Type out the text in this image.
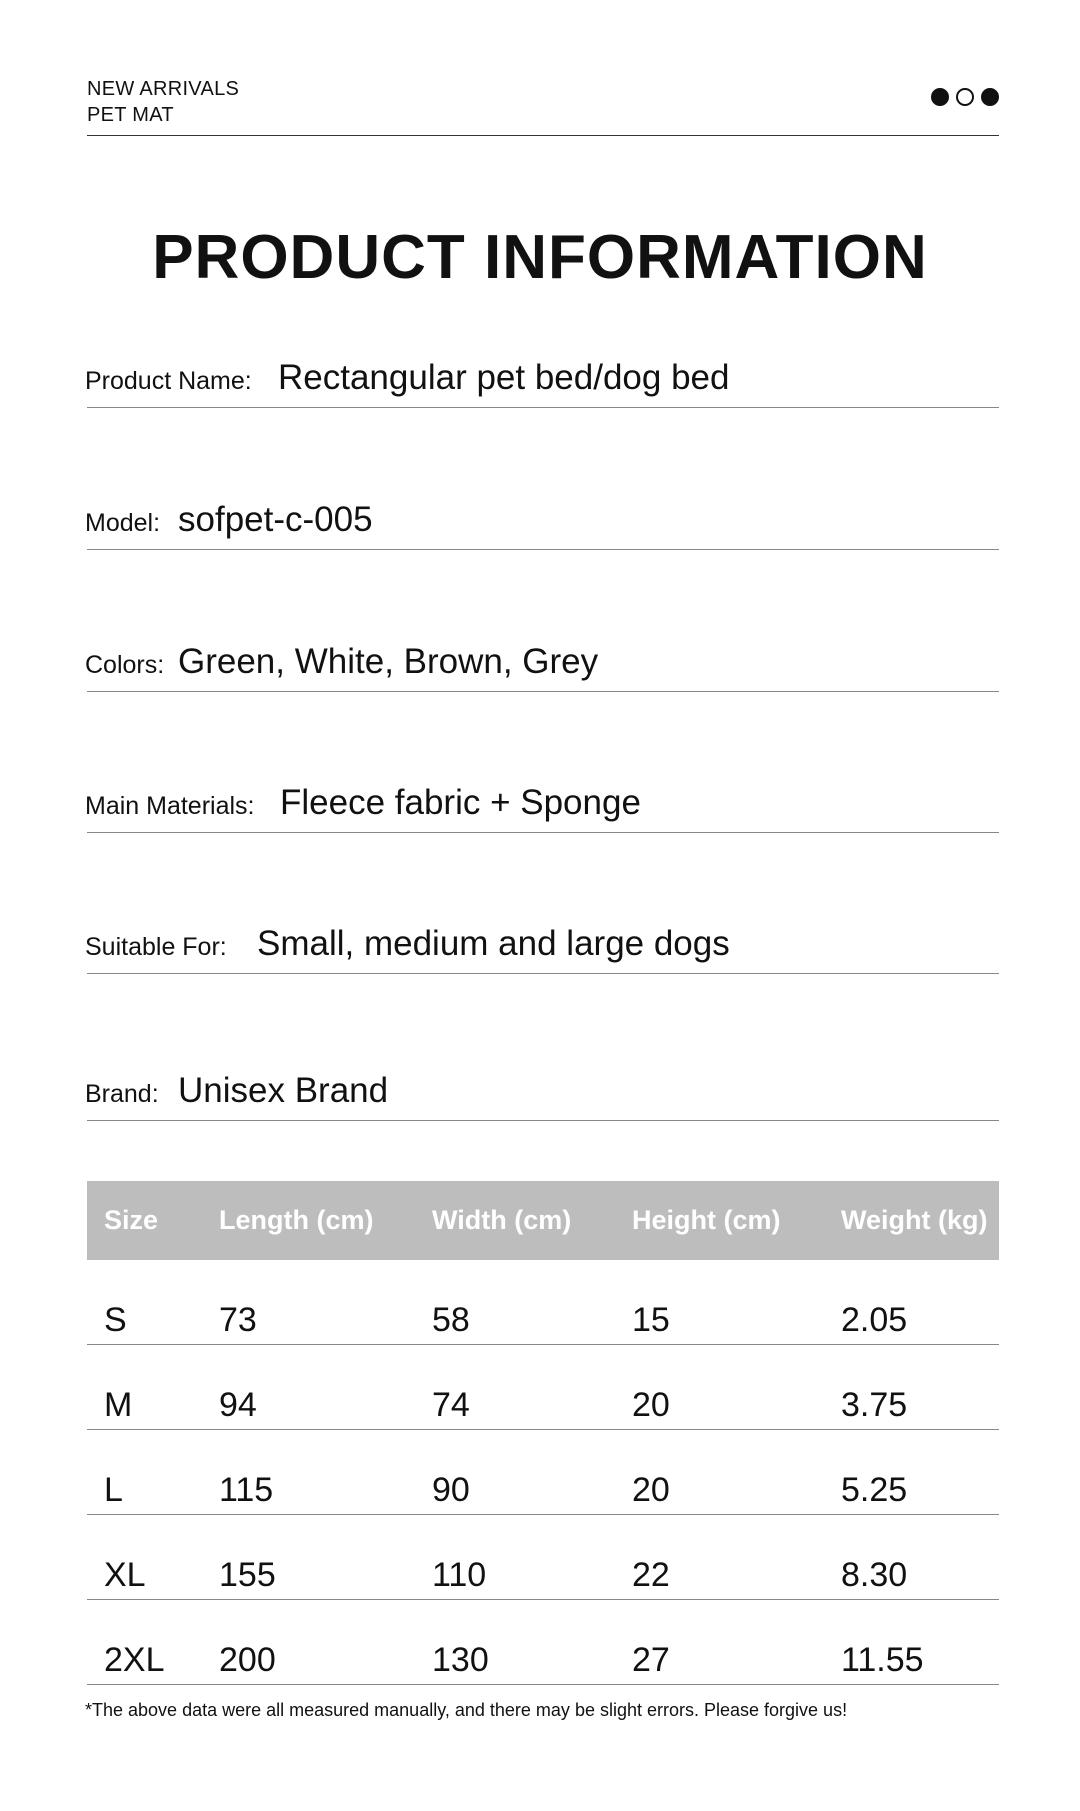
NEW ARRIVALS
PET MAT
PRODUCT INFORMATION
Product Name: Rectangular pet bed/dog bed
Model: sofpet-c-005
Colors: Green, White, Brown, Grey
Main Materials: Fleece fabric + Sponge
Suitable For: Small, medium and large dogs
Brand: Unisex Brand
Size Length (cm) Width (cm) Height (cm) Weight (kg)
S	73	58	15	2.05
M	94	74	20	3.75
L	115	90	20	5.25
XL 155	110	22	8.30
2XL 200	130	27	11.55
*The above data were all measured manually, and there may be slight errors. Please forgive us!
